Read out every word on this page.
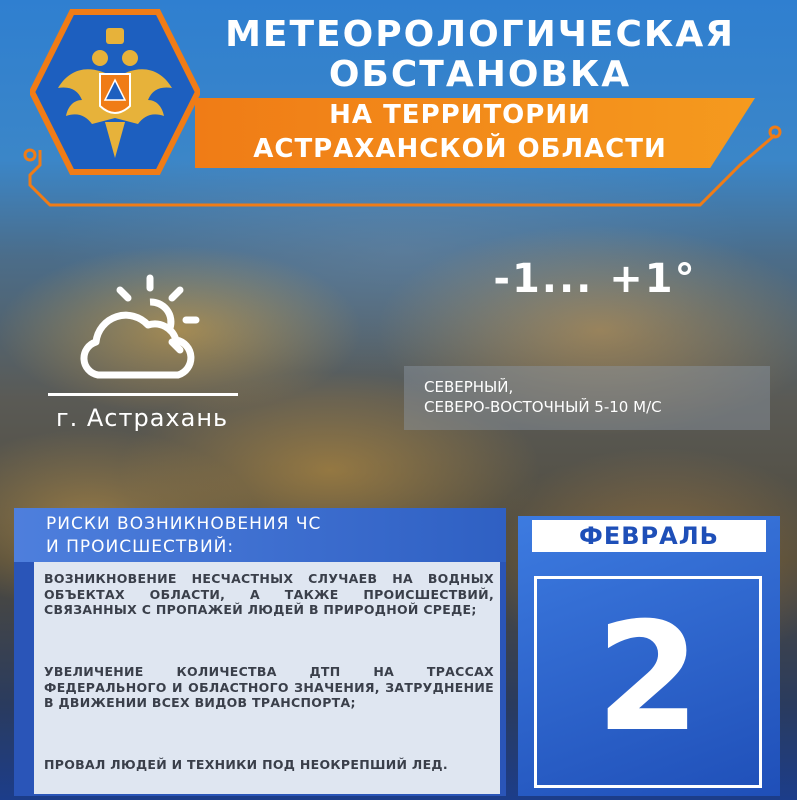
МЕТЕОРОЛОГИЧЕСКАЯ
ОБСТАНОВКА
НА ТЕРРИТОРИИ
АСТРАХАНСКОЙ ОБЛАСТИ
г. Астрахань
-1... +1°
СЕВЕРНЫЙ,
СЕВЕРО-ВОСТОЧНЫЙ 5-10 М/С
РИСКИ ВОЗНИКНОВЕНИЯ ЧС
И ПРОИСШЕСТВИЙ:
ВОЗНИКНОВЕНИЕ НЕСЧАСТНЫХ СЛУЧАЕВ НА ВОДНЫХ ОБЪЕКТАХ ОБЛАСТИ, А ТАКЖЕ ПРОИСШЕСТВИЙ, СВЯЗАННЫХ С ПРОПАЖЕЙ ЛЮДЕЙ В ПРИРОДНОЙ СРЕДЕ;
УВЕЛИЧЕНИЕ КОЛИЧЕСТВА ДТП НА ТРАССАХ ФЕДЕРАЛЬНОГО И ОБЛАСТНОГО ЗНАЧЕНИЯ, ЗАТРУДНЕНИЕ В ДВИЖЕНИИ ВСЕХ ВИДОВ ТРАНСПОРТА;
ПРОВАЛ ЛЮДЕЙ И ТЕХНИКИ ПОД НЕОКРЕПШИЙ ЛЕД.
ФЕВРАЛЬ
2
